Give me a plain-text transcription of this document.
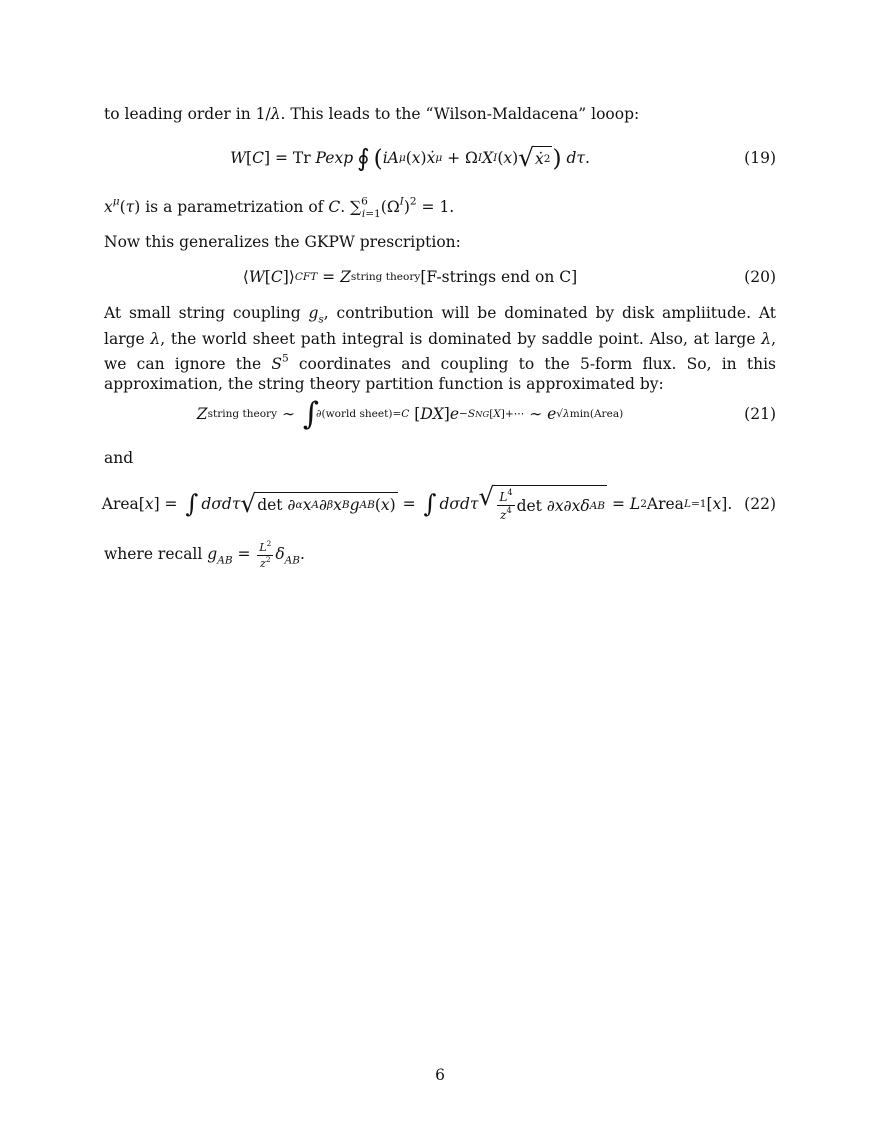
to leading order in 1/λ. This leads to the “Wilson-Maldacena” looop:
W [ C ] = Tr Pexp ∮ ( iA μ ( x ) ẋ μ + Ω I X I ( x ) √ ẋ 2 )
dτ .	(19)
$x^\mu(\tau)$ is a parametrization of C. $\sum^6_{i=1}(\Omega^I)^2 = 1$.
Now this generalizes the GKPW prescription:
⟨ W [ C ]⟩ CFT = Z string theory [F-strings end on C]	(20)
At small string coupling $g_s$, contribution will be dominated by disk ampliitude. At large λ, the world sheet path integral is dominated by saddle point. Also, at large λ, we can ignore the $S^5$ coordinates and coupling to the 5-form flux. So, in this approximation, the string theory partition function is approximated by:
Z string theory ∼ ∫
∂(world sheet)=C [ DX ] e −SNG[X]+⋯ ∼ e √λmin(Area)	(21)
and
Area[ x ] = ∫ dσdτ √ det ∂ α x A ∂ β x B g AB ( x ) = ∫ dσdτ √ $\frac{L^4}{z^4}$ det ∂ x ∂ x δ AB = L 2 Area L=1 [ x ]. (22)
where recall $g_{AB} = \frac{L^2}{z^2} \delta_{AB}$.
6
